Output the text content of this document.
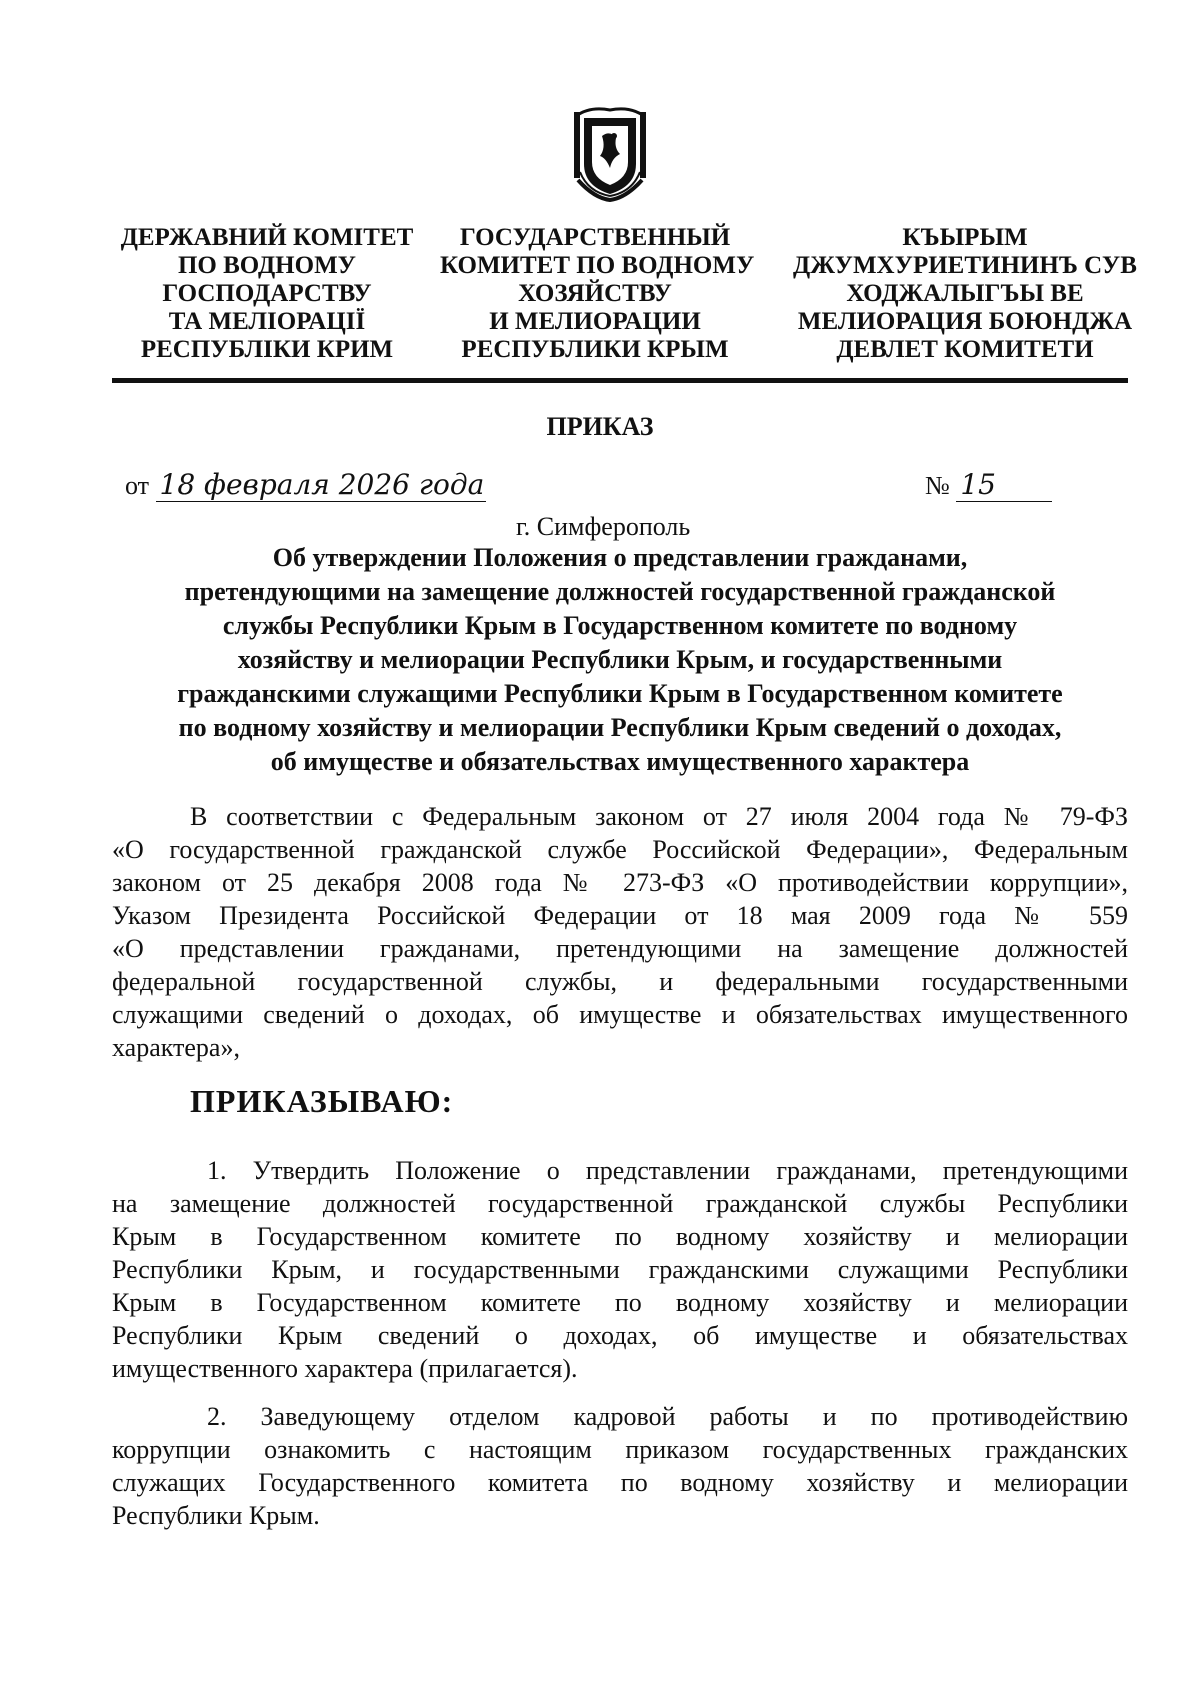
ДЕРЖАВНИЙ КОМІТЕТ
ПО ВОДНОМУ
ГОСПОДАРСТВУ
ТА МЕЛІОРАЦІЇ
РЕСПУБЛІКИ КРИМ
ГОСУДАРСТВЕННЫЙ
КОМИТЕТ ПО ВОДНОМУ
ХОЗЯЙСТВУ
И МЕЛИОРАЦИИ
РЕСПУБЛИКИ КРЫМ
КЪЫРЫМ
ДЖУМХУРИЕТИНИНЪ СУВ
ХОДЖАЛЫГЪЫ ВЕ
МЕЛИОРАЦИЯ БОЮНДЖА
ДЕВЛЕТ КОМИТЕТИ
ПРИКАЗ
от 18 февраля 2026 года	№ 15
г. Симферополь
Об утверждении Положения о представлении гражданами,
претендующими на замещение должностей государственной гражданской
службы Республики Крым в Государственном комитете по водному
хозяйству и мелиорации Республики Крым, и государственными
гражданскими служащими Республики Крым в Государственном комитете
по водному хозяйству и мелиорации Республики Крым сведений о доходах,
об имуществе и обязательствах имущественного характера
В соответствии с Федеральным законом от 27 июля 2004 года № 79-ФЗ
«О государственной гражданской службе Российской Федерации», Федеральным
законом от 25 декабря 2008 года № 273-ФЗ «О противодействии коррупции»,
Указом Президента Российской Федерации от 18 мая 2009 года № 559
«О представлении гражданами, претендующими на замещение должностей
федеральной государственной службы, и федеральными государственными
служащими сведений о доходах, об имуществе и обязательствах имущественного
характера»,
ПРИКАЗЫВАЮ:
1. Утвердить Положение о представлении гражданами, претендующими
на замещение должностей государственной гражданской службы Республики
Крым в Государственном комитете по водному хозяйству и мелиорации
Республики Крым, и государственными гражданскими служащими Республики
Крым в Государственном комитете по водному хозяйству и мелиорации
Республики Крым сведений о доходах, об имуществе и обязательствах
имущественного характера (прилагается).
2. Заведующему отделом кадровой работы и по противодействию
коррупции ознакомить с настоящим приказом государственных гражданских
служащих Государственного комитета по водному хозяйству и мелиорации
Республики Крым.
